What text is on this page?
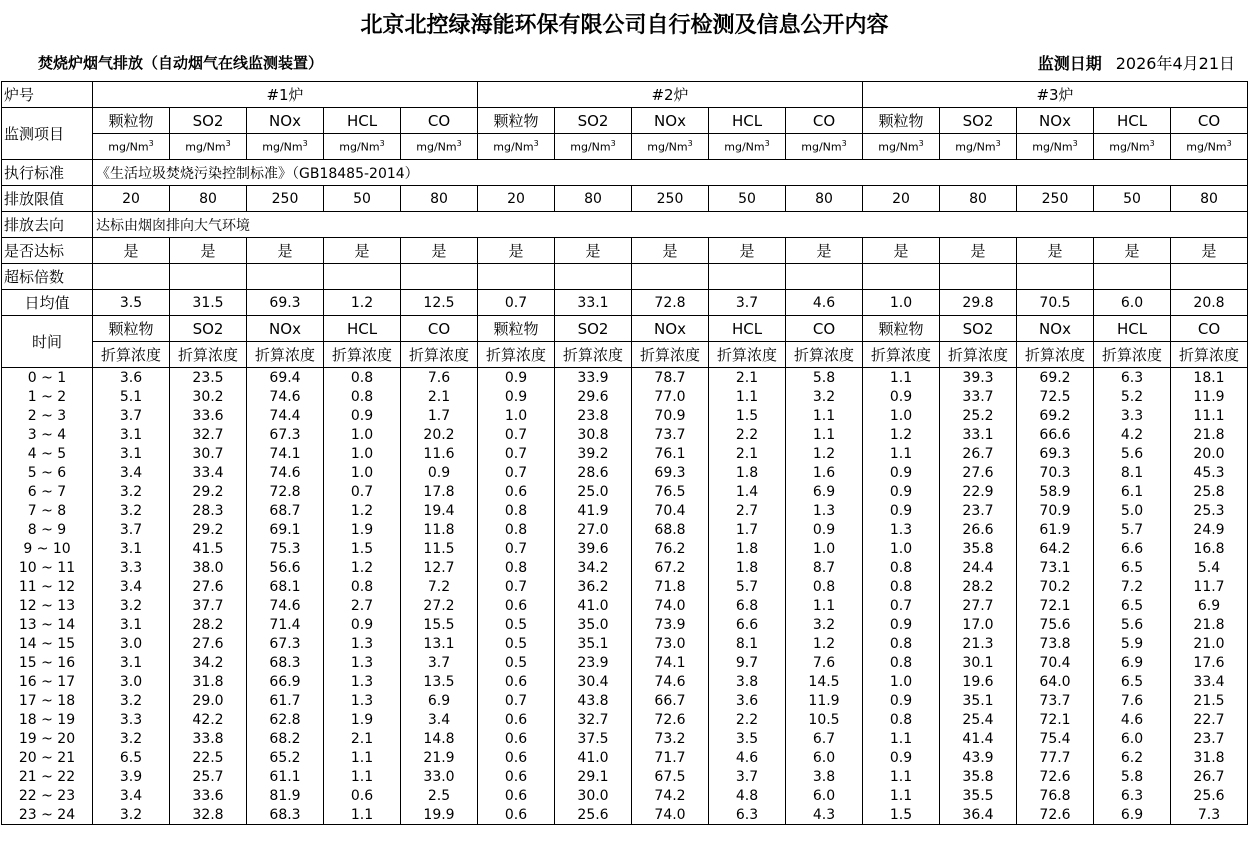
北京北控绿海能环保有限公司自行检测及信息公开内容
焚烧炉烟气排放（自动烟气在线监测装置）	监测日期 2026年4月21日
炉号	#1炉					#2炉					#3炉				
监测项目	颗粒物	SO2	NOx	HCL	CO	颗粒物	SO2	NOx	HCL	CO	颗粒物	SO2	NOx	HCL	CO
	mg/Nm$^3$	mg/Nm$^3$	mg/Nm$^3$	mg/Nm$^3$	mg/Nm$^3$	mg/Nm$^3$	mg/Nm$^3$	mg/Nm$^3$	mg/Nm$^3$	mg/Nm$^3$	mg/Nm$^3$	mg/Nm$^3$	mg/Nm$^3$	mg/Nm$^3$	mg/Nm$^3$
执行标准	《生活垃圾焚烧污染控制标准》（GB18485-2014）														
排放限值	20	80	250	50	80	20	80	250	50	80	20	80	250	50	80
排放去向	达标由烟囱排向大气环境														
是否达标	是	是	是	是	是	是	是	是	是	是	是	是	是	是	是
超标倍数															
日均值	3.5	31.5	69.3	1.2	12.5	0.7	33.1	72.8	3.7	4.6	1.0	29.8	70.5	6.0	20.8
时间	颗粒物	SO2	NOx	HCL	CO	颗粒物	SO2	NOx	HCL	CO	颗粒物	SO2	NOx	HCL	CO
	折算浓度	折算浓度	折算浓度	折算浓度	折算浓度	折算浓度	折算浓度	折算浓度	折算浓度	折算浓度	折算浓度	折算浓度	折算浓度	折算浓度	折算浓度
0 ~ 1	3.6	23.5	69.4	0.8	7.6	0.9	33.9	78.7	2.1	5.8	1.1	39.3	69.2	6.3	18.1
1 ~ 2	5.1	30.2	74.6	0.8	2.1	0.9	29.6	77.0	1.1	3.2	0.9	33.7	72.5	5.2	11.9
2 ~ 3	3.7	33.6	74.4	0.9	1.7	1.0	23.8	70.9	1.5	1.1	1.0	25.2	69.2	3.3	11.1
3 ~ 4	3.1	32.7	67.3	1.0	20.2	0.7	30.8	73.7	2.2	1.1	1.2	33.1	66.6	4.2	21.8
4 ~ 5	3.1	30.7	74.1	1.0	11.6	0.7	39.2	76.1	2.1	1.2	1.1	26.7	69.3	5.6	20.0
5 ~ 6	3.4	33.4	74.6	1.0	0.9	0.7	28.6	69.3	1.8	1.6	0.9	27.6	70.3	8.1	45.3
6 ~ 7	3.2	29.2	72.8	0.7	17.8	0.6	25.0	76.5	1.4	6.9	0.9	22.9	58.9	6.1	25.8
7 ~ 8	3.2	28.3	68.7	1.2	19.4	0.8	41.9	70.4	2.7	1.3	0.9	23.7	70.9	5.0	25.3
8 ~ 9	3.7	29.2	69.1	1.9	11.8	0.8	27.0	68.8	1.7	0.9	1.3	26.6	61.9	5.7	24.9
9 ~ 10	3.1	41.5	75.3	1.5	11.5	0.7	39.6	76.2	1.8	1.0	1.0	35.8	64.2	6.6	16.8
10 ~ 11	3.3	38.0	56.6	1.2	12.7	0.8	34.2	67.2	1.8	8.7	0.8	24.4	73.1	6.5	5.4
11 ~ 12	3.4	27.6	68.1	0.8	7.2	0.7	36.2	71.8	5.7	0.8	0.8	28.2	70.2	7.2	11.7
12 ~ 13	3.2	37.7	74.6	2.7	27.2	0.6	41.0	74.0	6.8	1.1	0.7	27.7	72.1	6.5	6.9
13 ~ 14	3.1	28.2	71.4	0.9	15.5	0.5	35.0	73.9	6.6	3.2	0.9	17.0	75.6	5.6	21.8
14 ~ 15	3.0	27.6	67.3	1.3	13.1	0.5	35.1	73.0	8.1	1.2	0.8	21.3	73.8	5.9	21.0
15 ~ 16	3.1	34.2	68.3	1.3	3.7	0.5	23.9	74.1	9.7	7.6	0.8	30.1	70.4	6.9	17.6
16 ~ 17	3.0	31.8	66.9	1.3	13.5	0.6	30.4	74.6	3.8	14.5	1.0	19.6	64.0	6.5	33.4
17 ~ 18	3.2	29.0	61.7	1.3	6.9	0.7	43.8	66.7	3.6	11.9	0.9	35.1	73.7	7.6	21.5
18 ~ 19	3.3	42.2	62.8	1.9	3.4	0.6	32.7	72.6	2.2	10.5	0.8	25.4	72.1	4.6	22.7
19 ~ 20	3.2	33.8	68.2	2.1	14.8	0.6	37.5	73.2	3.5	6.7	1.1	41.4	75.4	6.0	23.7
20 ~ 21	6.5	22.5	65.2	1.1	21.9	0.6	41.0	71.7	4.6	6.0	0.9	43.9	77.7	6.2	31.8
21 ~ 22	3.9	25.7	61.1	1.1	33.0	0.6	29.1	67.5	3.7	3.8	1.1	35.8	72.6	5.8	26.7
22 ~ 23	3.4	33.6	81.9	0.6	2.5	0.6	30.0	74.2	4.8	6.0	1.1	35.5	76.8	6.3	25.6
23 ~ 24	3.2	32.8	68.3	1.1	19.9	0.6	25.6	74.0	6.3	4.3	1.5	36.4	72.6	6.9	7.3
